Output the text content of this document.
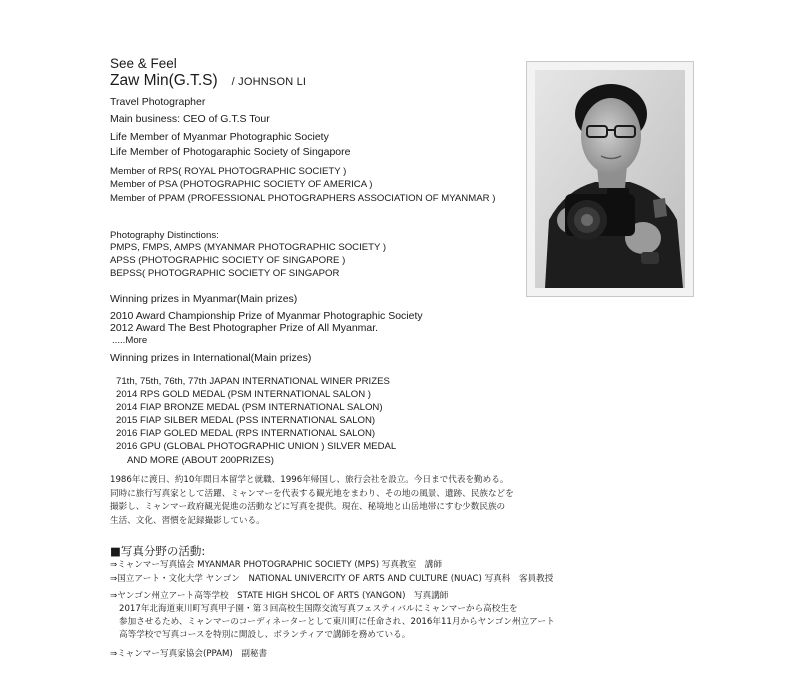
See & Feel
Zaw Min(G.T.S) / JOHNSON LI
Travel Photographer
Main business: CEO of G.T.S Tour
Life Member of Myanmar Photographic Society
Life Member of Photogaraphic Society of Singapore
Member of RPS( ROYAL PHOTOGRAPHIC SOCIETY )
Member of PSA (PHOTOGRAPHIC SOCIETY OF AMERICA )
Member of PPAM (PROFESSIONAL PHOTOGRAPHERS ASSOCIATION OF MYANMAR )
Photography Distinctions:
PMPS, FMPS, AMPS (MYANMAR PHOTOGRAPHIC SOCIETY )
APSS (PHOTOGRAPHIC SOCIETY OF SINGAPORE )
BEPSS( PHOTOGRAPHIC SOCIETY OF SINGAPOR
Winning prizes in Myanmar(Main prizes)
2010 Award Championship Prize of Myanmar Photographic Society
2012 Award The Best Photographer Prize of All Myanmar.
.....More
Winning prizes in International(Main prizes)
71th, 75th, 76th, 77th JAPAN INTERNATIONAL WINER PRIZES
2014 RPS GOLD MEDAL (PSM INTERNATIONAL SALON )
2014 FIAP BRONZE MEDAL (PSM INTERNATIONAL SALON)
2015 FIAP SILBER MEDAL (PSS INTERNATIONAL SALON)
2016 FIAP GOLED MEDAL (RPS INTERNATIONAL SALON)
2016 GPU (GLOBAL PHOTOGRAPHIC UNION ) SILVER MEDAL
AND MORE (ABOUT 200PRIZES)
1986年に渡日、約10年間日本留学と就職、1996年帰国し、旅行会社を設立。今日まで代表を勤める。
同時に旅行写真家として活躍、ミャンマーを代表する観光地をまわり、その地の風景、遺跡、民族などを
撮影し、ミャンマー政府観光促進の活動などに写真を提供。現在、秘境地と山岳地帯にすむ少数民族の
生活、文化、習慣を記録撮影している。
■写真分野の活動:
⇒ミャンマー写真協会 MYANMAR PHOTOGRAPHIC SOCIETY (MPS) 写真教室　講師
⇒国立アート・文化大学 ヤンゴン　NATIONAL UNIVERCITY OF ARTS AND CULTURE (NUAC) 写真科　客員教授
⇒ヤンゴン州立アート高等学校　STATE HIGH SHCOL OF ARTS (YANGON)　写真講師
2017年北海道東川町写真甲子園・第３回高校生国際交流写真フェスティバルにミャンマーから高校生を
参加させるため、ミャンマーのコーディネーターとして東川町に任命され、2016年11月からヤンゴン州立アート
高等学校で写真コースを特別に開設し、ボランティアで講師を務めている。
⇒ミャンマー写真家協会(PPAM)　副秘書
